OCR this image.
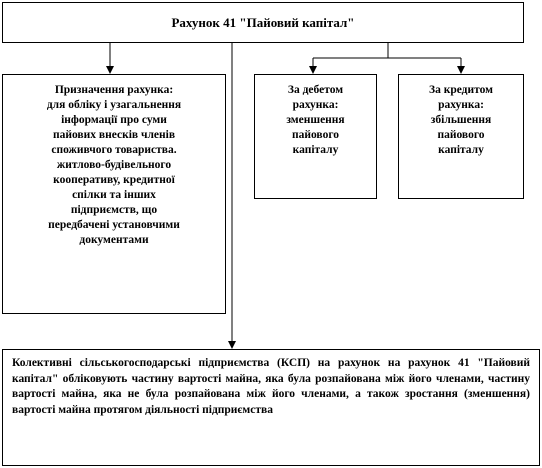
Рахунок 41 "Пайовий капітал"
Призначення рахунка:
для обліку і узагальнення
інформації про суми
пайових внесків членів
споживчого товариства.
житлово-будівельного
кооперативу, кредитної
спілки та інших
підприємств, що
передбачені установчими
документами
За дебетом
рахунка:
зменшення
пайового
капіталу
За кредитом
рахунка:
збільшення
пайового
капіталу
Колективні сільськогосподарські підприємства (КСП) на рахунок на рахунок 41 "Пайовий капітал" обліковують частину вартості майна, яка була розпайована між його членами, частину вартості майна, яка не була розпайована між його членами, а також зростання (зменшення) вартості майна протягом діяльності підприємства
